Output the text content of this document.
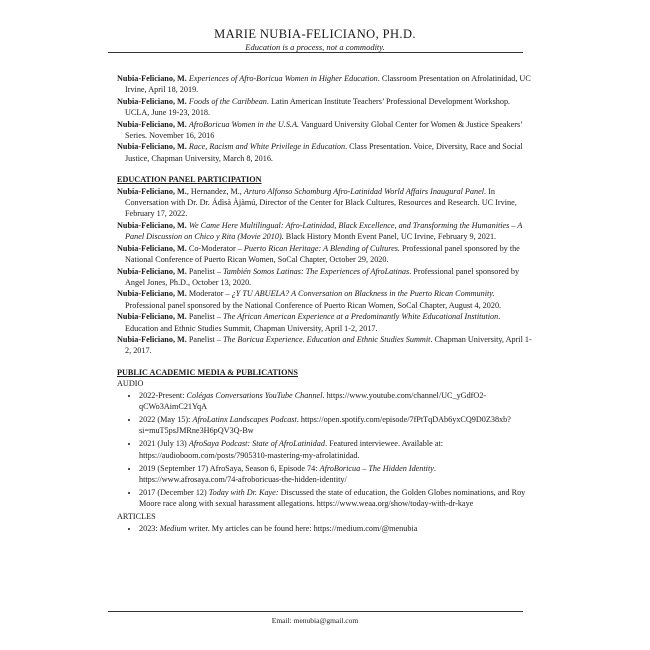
MARIE NUBIA-FELICIANO, PH.D.
Education is a process, not a commodity.

Nubia-Feliciano, M. Experiences of Afro-Boricua Women in Higher Education. Classroom Presentation on Afrolatinidad, UC Irvine, April 18, 2019.

Nubia-Feliciano, M. Foods of the Caribbean. Latin American Institute Teachers’ Professional Development Workshop. UCLA, June 19-23, 2018.

Nubia-Feliciano, M. AfroBoricua Women in the U.S.A. Vanguard University Global Center for Women & Justice Speakers’ Series. November 16, 2016

Nubia-Feliciano, M. Race, Racism and White Privilege in Education. Class Presentation. Voice, Diversity, Race and Social Justice, Chapman University, March 8, 2016.

EDUCATION PANEL PARTICIPATION

Nubia-Feliciano, M., Hernandez, M., Arturo Alfonso Schomburg Afro-Latinidad World Affairs Inaugural Panel. In Conversation with Dr. Dr. Ádìsà Àjàmú, Director of the Center for Black Cultures, Resources and Research. UC Irvine, February 17, 2022.

Nubia-Feliciano, M. We Came Here Multilingual: Afro-Latinidad, Black Excellence, and Transforming the Humanities – A Panel Discussion on Chico y Rita (Movie 2010). Black History Month Event Panel, UC Irvine, February 9, 2021.

Nubia-Feliciano, M. Co-Moderator – Puerto Rican Heritage: A Blending of Cultures. Professional panel sponsored by the National Conference of Puerto Rican Women, SoCal Chapter, October 29, 2020.

Nubia-Feliciano, M. Panelist – También Somos Latinas: The Experiences of AfroLatinas. Professional panel sponsored by Angel Jones, Ph.D., October 13, 2020.

Nubia-Feliciano, M. Moderator – ¿Y TU ABUELA? A Conversation on Blackness in the Puerto Rican Community. Professional panel sponsored by the National Conference of Puerto Rican Women, SoCal Chapter, August 4, 2020.

Nubia-Feliciano, M. Panelist – The African American Experience at a Predominantly White Educational Institution. Education and Ethnic Studies Summit, Chapman University, April 1-2, 2017.

Nubia-Feliciano, M. Panelist – The Boricua Experience. Education and Ethnic Studies Summit. Chapman University, April 1-2, 2017.

PUBLIC ACADEMIC MEDIA & PUBLICATIONS

AUDIO

• 2022-Present: Colégas Conversations YouTube Channel. https://www.youtube.com/channel/UC_yGdfO2-qCWo3AimC21YqA
• 2022 (May 15): AfroLatinx Landscapes Podcast. https://open.spotify.com/episode/7fPtTqDAb6yxCQ9D0Z38xb?si=muT5psJMRne3H6pQV3Q-Bw
• 2021 (July 13) AfroSaya Podcast: State of AfroLatinidad. Featured interviewee. Available at: https://audioboom.com/posts/7905310-mastering-my-afrolatinidad.
• 2019 (September 17) AfroSaya, Season 6, Episode 74: AfroBoricua – The Hidden Identity. https://www.afrosaya.com/74-afroboricuas-the-hidden-identity/
• 2017 (December 12) Today with Dr. Kaye: Discussed the state of education, the Golden Globes nominations, and Roy Moore race along with sexual harassment allegations. https://www.weaa.org/show/today-with-dr-kaye

ARTICLES

• 2023: Medium writer. My articles can be found here: https://medium.com/@menubia
Email: menubia@gmail.com
